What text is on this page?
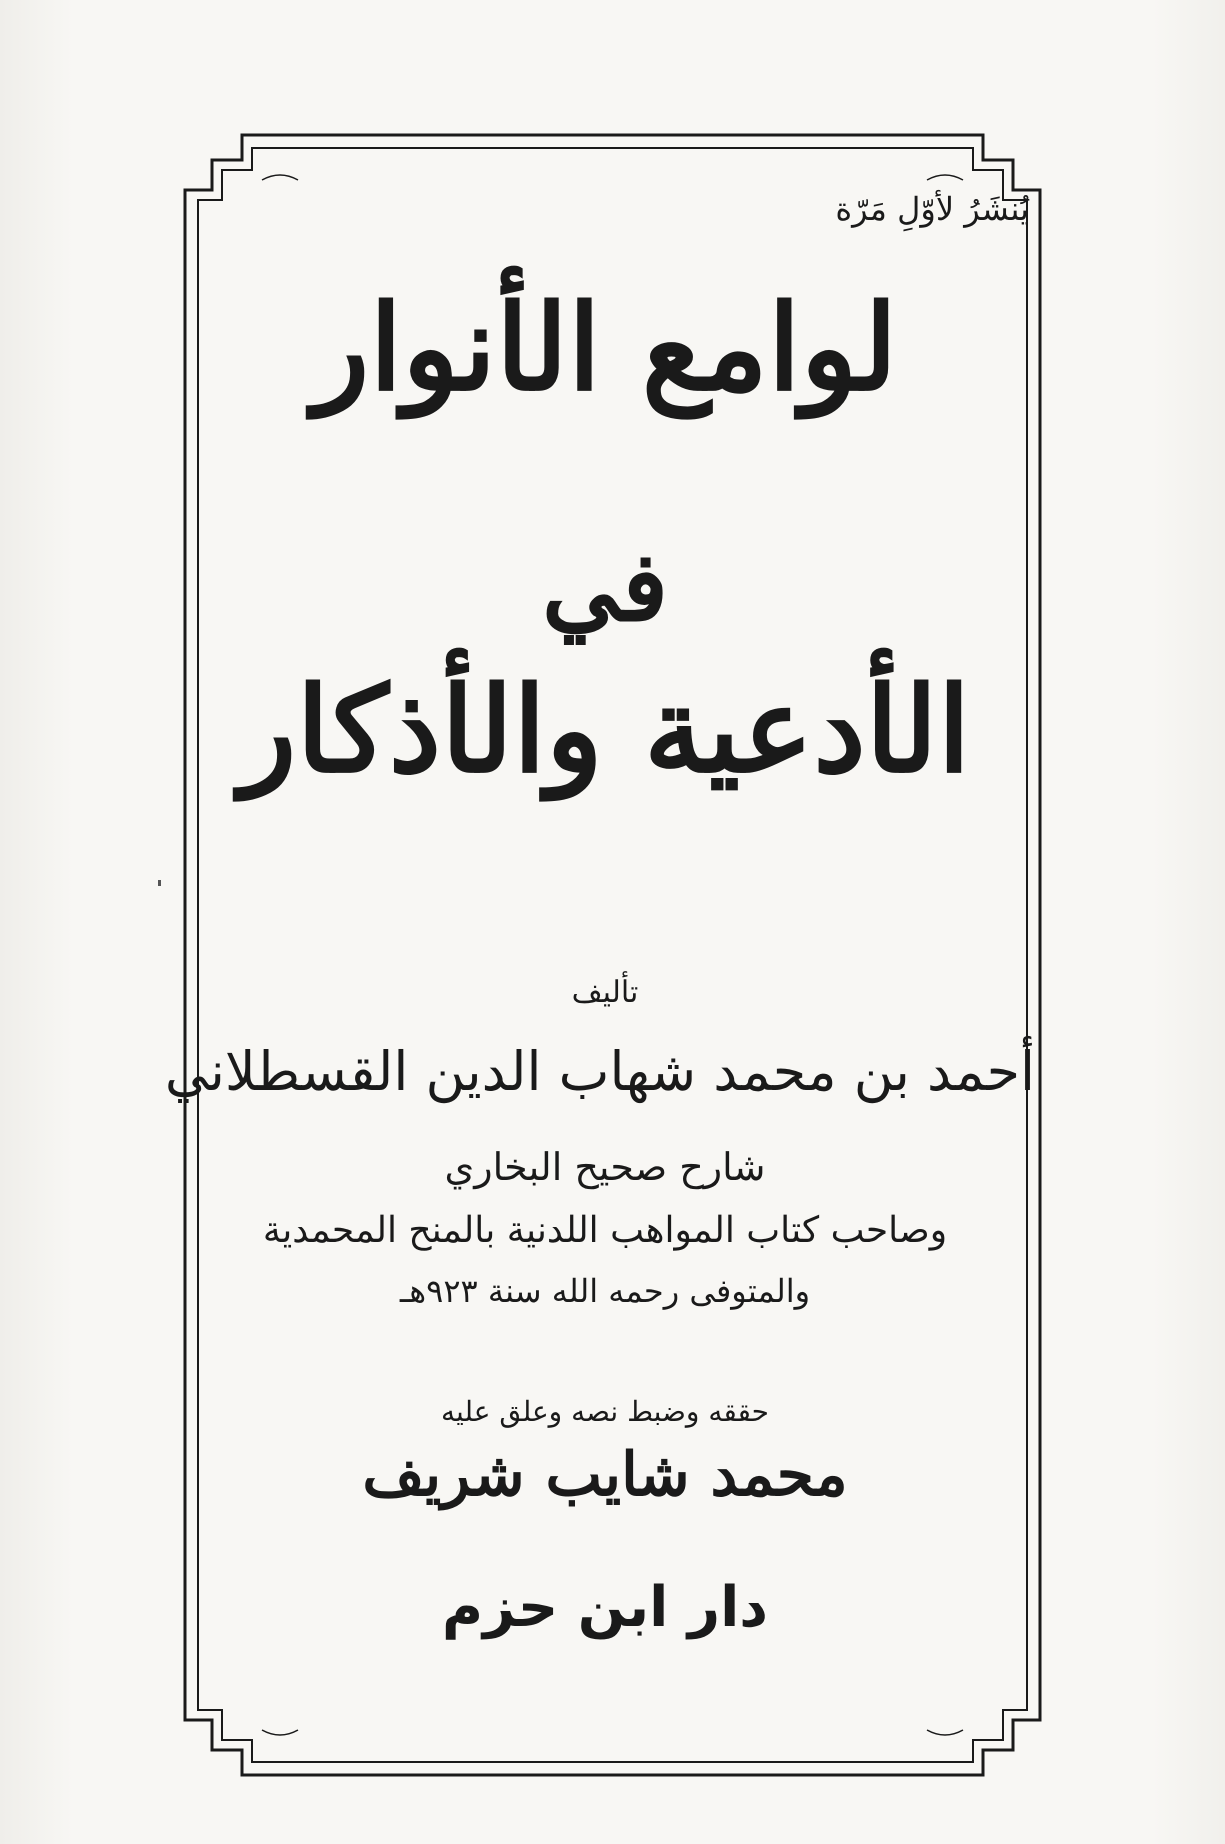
يُنشَرُ لأوّلِ مَرّة
لوامع الأنوار
في
الأدعية والأذكار
تأليف
أحمد بن محمد شهاب الدين القسطلاني
شارح صحيح البخاري
وصاحب كتاب المواهب اللدنية بالمنح المحمدية
والمتوفى رحمه الله سنة ٩٢٣هـ
حققه وضبط نصه وعلق عليه
محمد شايب شريف
دار ابن حزم
